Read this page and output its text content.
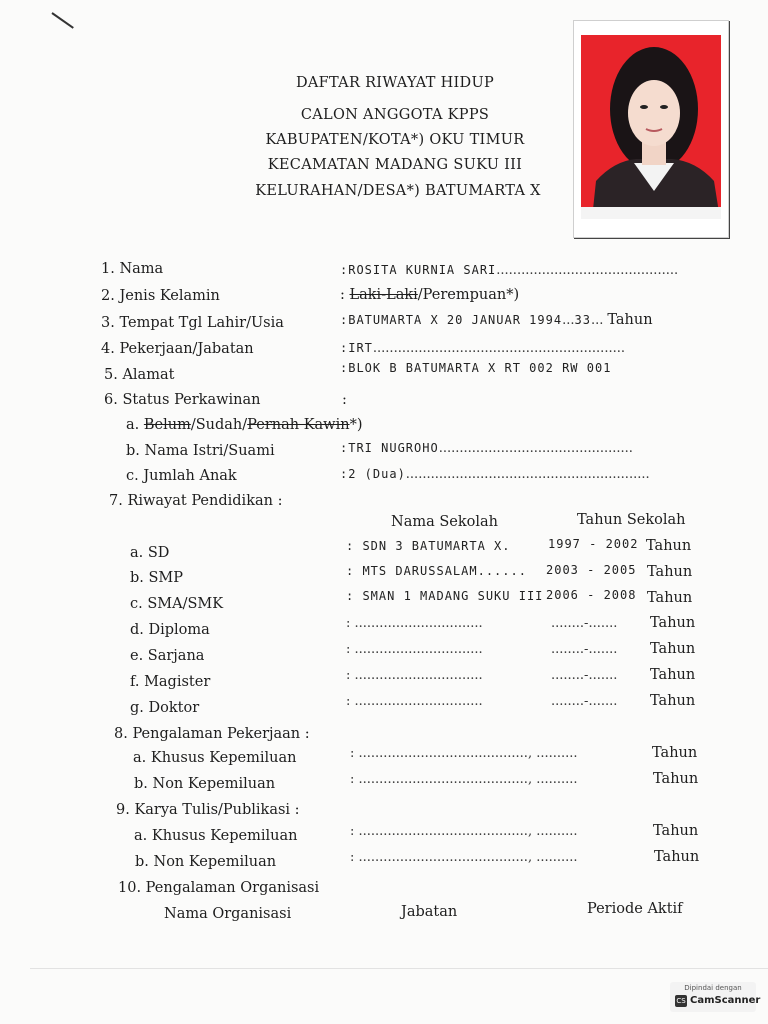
DAFTAR RIWAYAT HIDUP
CALON ANGGOTA KPPS
KABUPATEN/KOTA*) OKU TIMUR
KECAMATAN MADANG SUKU III
KELURAHAN/DESA*) BATUMARTA X
1. Nama	:ROSITA KURNIA SARI............................................
2. Jenis Kelamin	: Laki-Laki/Perempuan*)
3. Tempat Tgl Lahir/Usia	:BATUMARTA X 20 JANUAR 1994...33... Tahun
4. Pekerjaan/Jabatan	:IRT.............................................................
5. Alamat	:BLOK B BATUMARTA X RT 002 RW 001
6. Status Perkawinan	:
a. Belum/Sudah/Pernah Kawin*)
b. Nama Istri/Suami	:TRI NUGROHO...............................................
c. Jumlah Anak	:2 (Dua)...........................................................
7. Riwayat Pendidikan :
Nama Sekolah	Tahun Sekolah
a. SD	: SDN 3 BATUMARTA X.	1997 - 2002 Tahun
b. SMP	: MTS DARUSSALAM...... 2003 - 2005 Tahun
c. SMA/SMK	: SMAN 1 MADANG SUKU III 2006 - 2008 Tahun
d. Diploma	: ...............................	........-....... Tahun
e. Sarjana	: ...............................	........-....... Tahun
f. Magister	: ...............................	........-....... Tahun
g. Doktor	: ...............................	........-....... Tahun
8. Pengalaman Pekerjaan :
a. Khusus Kepemiluan	: ........................................., ..........	Tahun
b. Non Kepemiluan	: ........................................., ..........	Tahun
9. Karya Tulis/Publikasi :
a. Khusus Kepemiluan	: ........................................., ..........	Tahun
b. Non Kepemiluan	: ........................................., ..........	Tahun
10. Pengalaman Organisasi
Nama Organisasi	Jabatan	Periode Aktif
Dipindai dengan
CS CamScanner
